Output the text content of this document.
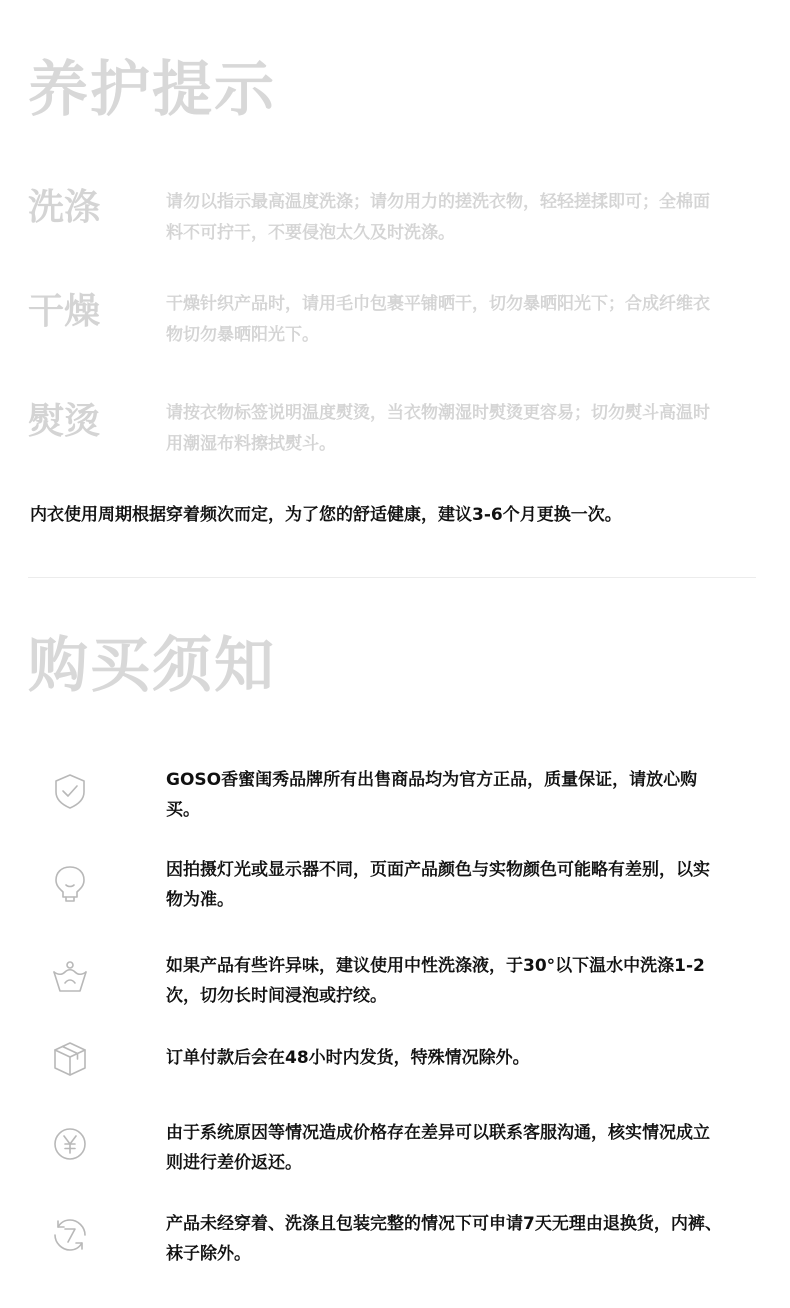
养护提示
洗涤	请勿以指示最高温度洗涤；请勿用力的搓洗衣物，轻轻搓揉即可；全棉面料不可拧干，不要侵泡太久及时洗涤。

干燥	干燥针织产品时，请用毛巾包裹平铺晒干，切勿暴晒阳光下；合成纤维衣物切勿暴晒阳光下。

熨烫	请按衣物标签说明温度熨烫，当衣物潮湿时熨烫更容易；切勿熨斗高温时用潮湿布料擦拭熨斗。

内衣使用周期根据穿着频次而定，为了您的舒适健康，建议3-6个月更换一次。

购买须知

GOSO香蜜闺秀品牌所有出售商品均为官方正品，质量保证，请放心购买。

因拍摄灯光或显示器不同，页面产品颜色与实物颜色可能略有差别，以实物为准。

如果产品有些许异味，建议使用中性洗涤液，于30°以下温水中洗涤1-2次，切勿长时间浸泡或拧绞。

订单付款后会在48小时内发货，特殊情况除外。

由于系统原因等情况造成价格存在差异可以联系客服沟通，核实情况成立则进行差价返还。

产品未经穿着、洗涤且包装完整的情况下可申请7天无理由退换货，内裤、袜子除外。
